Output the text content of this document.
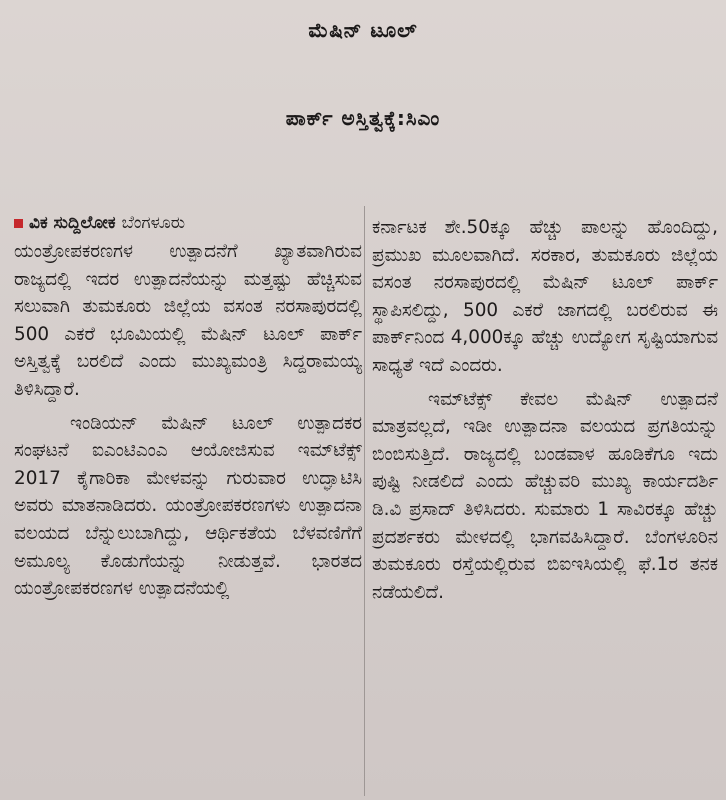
ಮೆಷಿನ್ ಟೂಲ್
ಪಾರ್ಕ್ ಅಸ್ತಿತ್ವಕ್ಕೆ:ಸಿಎಂ
ವಿಕ ಸುದ್ದಿಲೋಕ ಬೆಂಗಳೂರು

ಯಂತ್ರೋಪಕರಣಗಳ ಉತ್ಪಾದನೆಗೆ ಖ್ಯಾತವಾಗಿರುವ ರಾಜ್ಯದಲ್ಲಿ ಇದರ ಉತ್ಪಾದನೆಯನ್ನು ಮತ್ತಷ್ಟು ಹೆಚ್ಚಿಸುವ ಸಲುವಾಗಿ ತುಮಕೂರು ಜಿಲ್ಲೆಯ ವಸಂತ ನರಸಾಪುರದಲ್ಲಿ 500 ಎಕರೆ ಭೂಮಿಯಲ್ಲಿ ಮೆಷಿನ್ ಟೂಲ್ ಪಾರ್ಕ್ ಅಸ್ತಿತ್ವಕ್ಕೆ ಬರಲಿದೆ ಎಂದು ಮುಖ್ಯಮಂತ್ರಿ ಸಿದ್ದರಾಮಯ್ಯ ತಿಳಿಸಿದ್ದಾರೆ.

ಇಂಡಿಯನ್ ಮೆಷಿನ್ ಟೂಲ್ ಉತ್ಪಾದಕರ ಸಂಘಟನೆ ಐಎಂಟಿಎಂಎ ಆಯೋಜಿಸುವ ಇಮ್‌ಟೆಕ್ಸ್ 2017 ಕೈಗಾರಿಕಾ ಮೇಳವನ್ನು ಗುರುವಾರ ಉದ್ಘಾಟಿಸಿ ಅವರು ಮಾತನಾಡಿದರು. ಯಂತ್ರೋಪಕರಣಗಳು ಉತ್ಪಾದನಾ ವಲಯದ ಬೆನ್ನುಲುಬಾಗಿದ್ದು, ಆರ್ಥಿಕತೆಯ ಬೆಳವಣಿಗೆಗೆ ಅಮೂಲ್ಯ ಕೊಡುಗೆಯನ್ನು ನೀಡುತ್ತವೆ. ಭಾರತದ ಯಂತ್ರೋಪಕರಣಗಳ ಉತ್ಪಾದನೆಯಲ್ಲಿ

ಕರ್ನಾಟಕ ಶೇ.50ಕ್ಕೂ ಹೆಚ್ಚು ಪಾಲನ್ನು ಹೊಂದಿದ್ದು, ಪ್ರಮುಖ ಮೂಲವಾಗಿದೆ. ಸರಕಾರ, ತುಮಕೂರು ಜಿಲ್ಲೆಯ ವಸಂತ ನರಸಾಪುರದಲ್ಲಿ ಮೆಷಿನ್ ಟೂಲ್ ಪಾರ್ಕ್ ಸ್ಥಾಪಿಸಲಿದ್ದು, 500 ಎಕರೆ ಜಾಗದಲ್ಲಿ ಬರಲಿರುವ ಈ ಪಾರ್ಕ್‌ನಿಂದ 4,000ಕ್ಕೂ ಹೆಚ್ಚು ಉದ್ಯೋಗ ಸೃಷ್ಟಿಯಾಗುವ ಸಾಧ್ಯತೆ ಇದೆ ಎಂದರು.

ಇಮ್‌ಟೆಕ್ಸ್ ಕೇವಲ ಮೆಷಿನ್ ಉತ್ಪಾದನೆ ಮಾತ್ರವಲ್ಲದೆ, ಇಡೀ ಉತ್ಪಾದನಾ ವಲಯದ ಪ್ರಗತಿಯನ್ನು ಬಿಂಬಿಸುತ್ತಿದೆ. ರಾಜ್ಯದಲ್ಲಿ ಬಂಡವಾಳ ಹೂಡಿಕೆಗೂ ಇದು ಪುಷ್ಟಿ ನೀಡಲಿದೆ ಎಂದು ಹೆಚ್ಚುವರಿ ಮುಖ್ಯ ಕಾರ್ಯದರ್ಶಿ ಡಿ.ವಿ ಪ್ರಸಾದ್ ತಿಳಿಸಿದರು. ಸುಮಾರು 1 ಸಾವಿರಕ್ಕೂ ಹೆಚ್ಚು ಪ್ರದರ್ಶಕರು ಮೇಳದಲ್ಲಿ ಭಾಗವಹಿಸಿದ್ದಾರೆ. ಬೆಂಗಳೂರಿನ ತುಮಕೂರು ರಸ್ತೆಯಲ್ಲಿರುವ ಬಿಐಇಸಿಯಲ್ಲಿ ಫೆ.1ರ ತನಕ ನಡೆಯಲಿದೆ.
